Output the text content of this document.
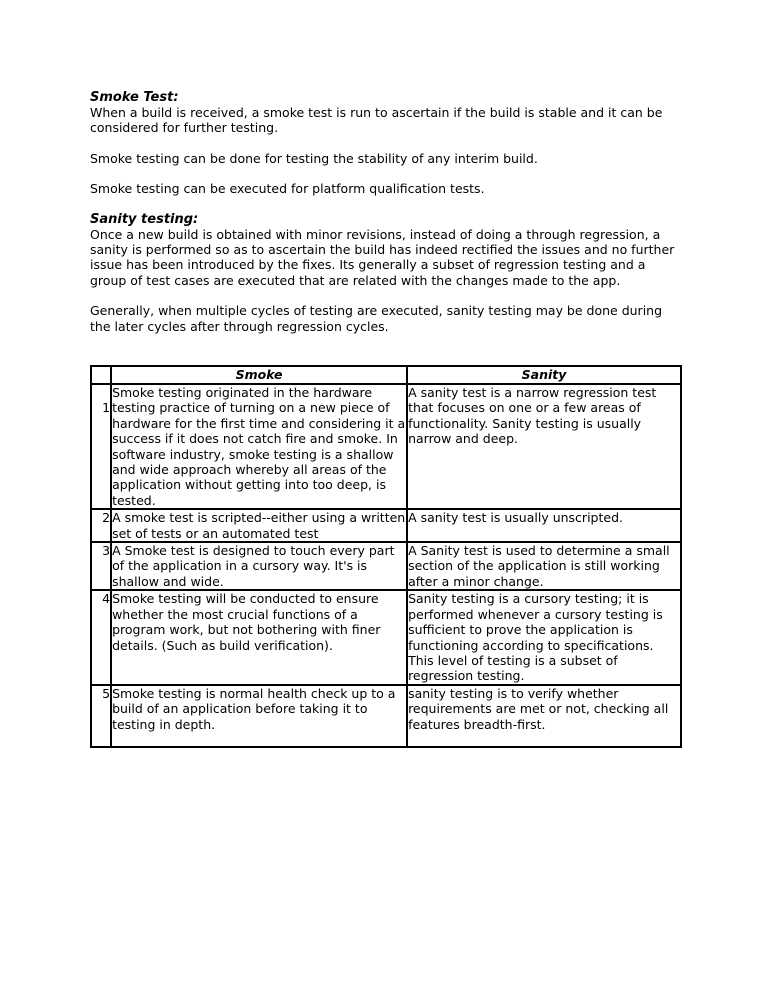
Smoke Test:

When a build is received, a smoke test is run to ascertain if the build is stable and it can be considered for further testing.

Smoke testing can be done for testing the stability of any interim build.

Smoke testing can be executed for platform qualification tests.

Sanity testing:

Once a new build is obtained with minor revisions, instead of doing a through regression, a sanity is performed so as to ascertain the build has indeed rectified the issues and no further issue has been introduced by the fixes. Its generally a subset of regression testing and a group of test cases are executed that are related with the changes made to the app.

Generally, when multiple cycles of testing are executed, sanity testing may be done during the later cycles after through regression cycles.

	Smoke	Sanity

1	Smoke testing originated in the hardware testing practice of turning on a new piece of hardware for the first time and considering it a success if it does not catch fire and smoke. In software industry, smoke testing is a shallow and wide approach whereby all areas of the application without getting into too deep, is tested.	A sanity test is a narrow regression test that focuses on one or a few areas of functionality. Sanity testing is usually narrow and deep.

2	A smoke test is scripted--either using a written set of tests or an automated test	A sanity test is usually unscripted.

3	A Smoke test is designed to touch every part of the application in a cursory way. It's is shallow and wide.	A Sanity test is used to determine a small section of the application is still working after a minor change.

4	Smoke testing will be conducted to ensure whether the most crucial functions of a program work, but not bothering with finer details. (Such as build verification).	Sanity testing is a cursory testing; it is performed whenever a cursory testing is sufficient to prove the application is functioning according to specifications. This level of testing is a subset of regression testing.

5	Smoke testing is normal health check up to a build of an application before taking it to testing in depth.	sanity testing is to verify whether requirements are met or not, checking all features breadth-first.
